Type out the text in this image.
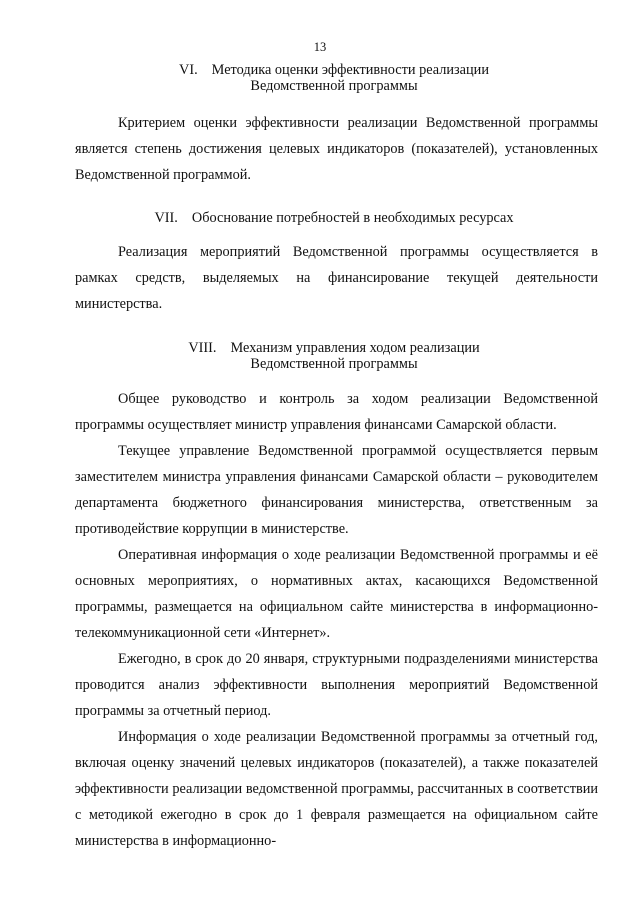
13
VI. Методика оценки эффективности реализации
Ведомственной программы

Критерием оценки эффективности реализации Ведомственной программы является степень достижения целевых индикаторов (показателей), установленных Ведомственной программой.

VII. Обоснование потребностей в необходимых ресурсах

Реализация мероприятий Ведомственной программы осуществляется в рамках средств, выделяемых на финансирование текущей деятельности министерства.

VIII. Механизм управления ходом реализации
Ведомственной программы

Общее руководство и контроль за ходом реализации Ведомственной программы осуществляет министр управления финансами Самарской области.

Текущее управление Ведомственной программой осуществляется первым заместителем министра управления финансами Самарской области – руководителем департамента бюджетного финансирования министерства, ответственным за противодействие коррупции в министерстве.

Оперативная информация о ходе реализации Ведомственной программы и её основных мероприятиях, о нормативных актах, касающихся Ведомственной программы, размещается на официальном сайте министерства в информационно-телекоммуникационной сети «Интернет».

Ежегодно, в срок до 20 января, структурными подразделениями министерства проводится анализ эффективности выполнения мероприятий Ведомственной программы за отчетный период.

Информация о ходе реализации Ведомственной программы за отчетный год, включая оценку значений целевых индикаторов (показателей), а также показателей эффективности реализации ведомственной программы, рассчитанных в соответствии с методикой ежегодно в срок до 1 февраля размещается на официальном сайте министерства в информационно-
